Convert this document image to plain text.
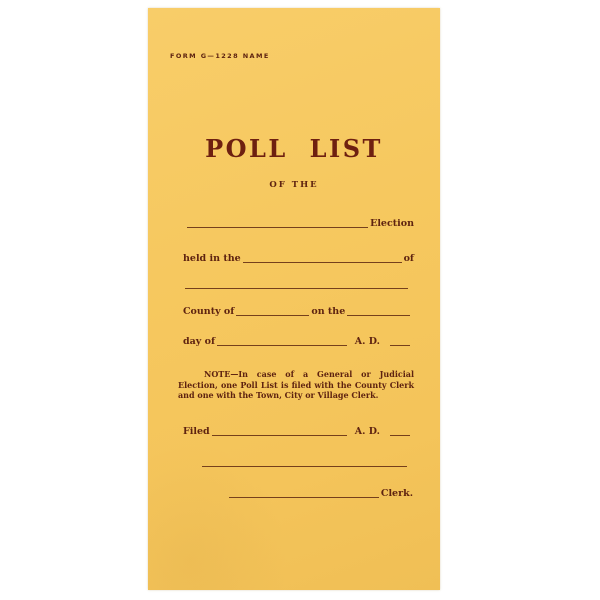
FORM G—1228 NAME
POLL LIST
OF THE
Election
held in the	of
County of	on the
day of	A. D.
NOTE—In case of a General or Judicial Election, one Poll List is filed with the County Clerk and one with the Town, City or Village Clerk.
Filed	A. D.
Clerk.
